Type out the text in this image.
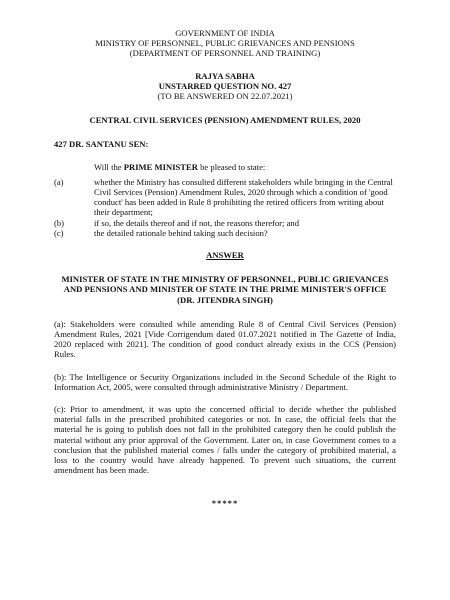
GOVERNMENT OF INDIA
MINISTRY OF PERSONNEL, PUBLIC GRIEVANCES AND PENSIONS
(DEPARTMENT OF PERSONNEL AND TRAINING)
RAJYA SABHA
UNSTARRED QUESTION NO. 427
(TO BE ANSWERED ON 22.07.2021)
CENTRAL CIVIL SERVICES (PENSION) AMENDMENT RULES, 2020
427 DR. SANTANU SEN:
Will the PRIME MINISTER be pleased to state:
(a)	whether the Ministry has consulted different stakeholders while bringing in the Central Civil Services (Pension) Amendment Rules, 2020 through which a condition of 'good conduct' has been added in Rule 8 prohibiting the retired officers from writing about their department;
(b)	if so, the details thereof and if not, the reasons therefor; and
(c)	the detailed rationale behind taking such decision?
ANSWER
MINISTER OF STATE IN THE MINISTRY OF PERSONNEL, PUBLIC GRIEVANCES AND PENSIONS AND MINISTER OF STATE IN THE PRIME MINISTER'S OFFICE (DR. JITENDRA SINGH)
(a): Stakeholders were consulted while amending Rule 8 of Central Civil Services (Pension) Amendment Rules, 2021 [Vide Corrigendum dated 01.07.2021 notified in The Gazette of India, 2020 replaced with 2021]. The condition of good conduct already exists in the CCS (Pension) Rules.
(b): The Intelligence or Security Organizations included in the Second Schedule of the Right to Information Act, 2005, were consulted through administrative Ministry / Department.
(c): Prior to amendment, it was upto the concerned official to decide whether the published material falls in the prescribed prohibited categories or not. In case, the official feels that the material he is going to publish does not fall in the prohibited category then he could publish the material without any prior approval of the Government. Later on, in case Government comes to a conclusion that the published material comes / falls under the category of prohibited material, a loss to the country would have already happened. To prevent such situations, the current amendment has been made.
*****
